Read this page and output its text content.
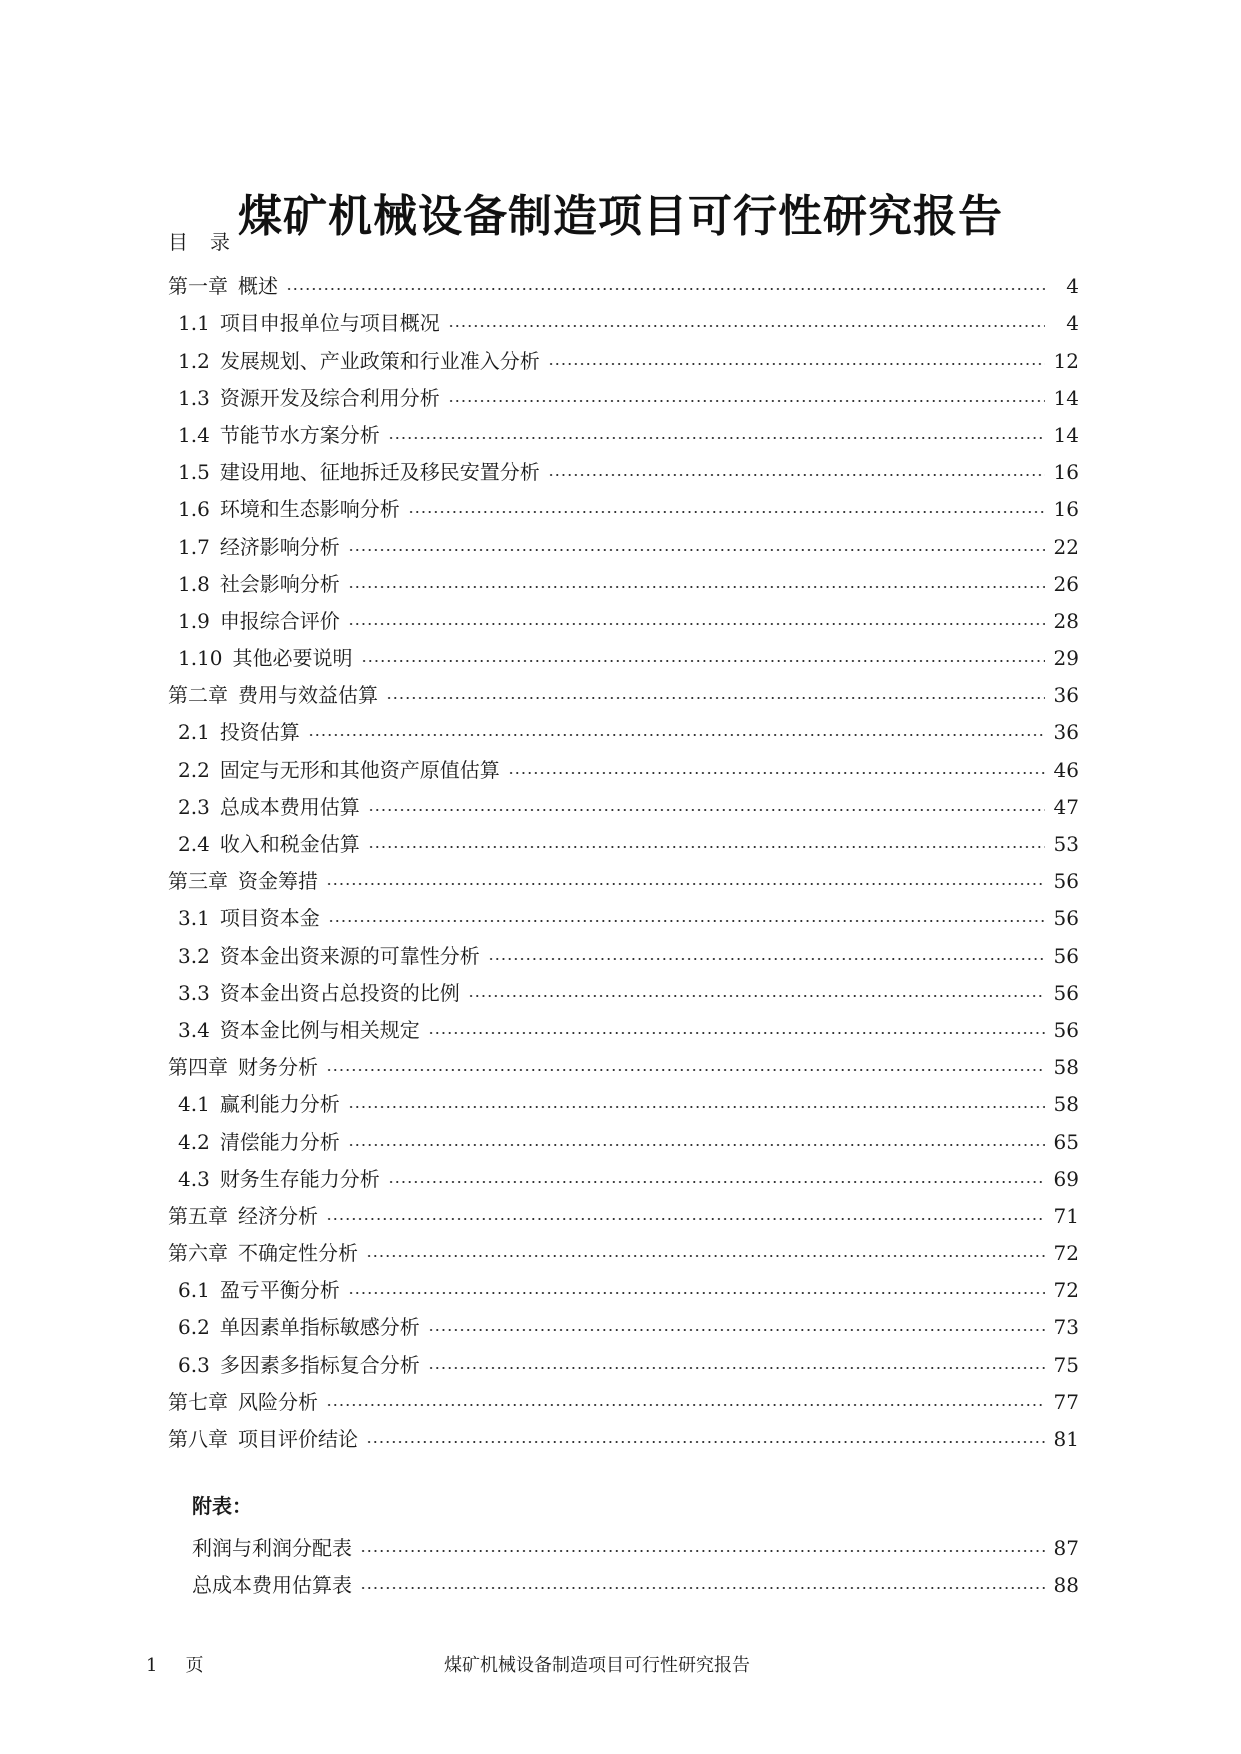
煤矿机械设备制造项目可行性研究报告
目 录
第一章 概述	4
1.1 项目申报单位与项目概况	4
1.2 发展规划、产业政策和行业准入分析	12
1.3 资源开发及综合利用分析	14
1.4 节能节水方案分析	14
1.5 建设用地、征地拆迁及移民安置分析	16
1.6 环境和生态影响分析	16
1.7 经济影响分析	22
1.8 社会影响分析	26
1.9 申报综合评价	28
1.10 其他必要说明	29
第二章 费用与效益估算	36
2.1 投资估算	36
2.2 固定与无形和其他资产原值估算	46
2.3 总成本费用估算	47
2.4 收入和税金估算	53
第三章 资金筹措	56
3.1 项目资本金	56
3.2 资本金出资来源的可靠性分析	56
3.3 资本金出资占总投资的比例	56
3.4 资本金比例与相关规定	56
第四章 财务分析	58
4.1 赢利能力分析	58
4.2 清偿能力分析	65
4.3 财务生存能力分析	69
第五章 经济分析	71
第六章 不确定性分析	72
6.1 盈亏平衡分析	72
6.2 单因素单指标敏感分析	73
6.3 多因素多指标复合分析	75
第七章 风险分析	77
第八章 项目评价结论	81
附表：
利润与利润分配表	87
总成本费用估算表	88
1 页	煤矿机械设备制造项目可行性研究报告
